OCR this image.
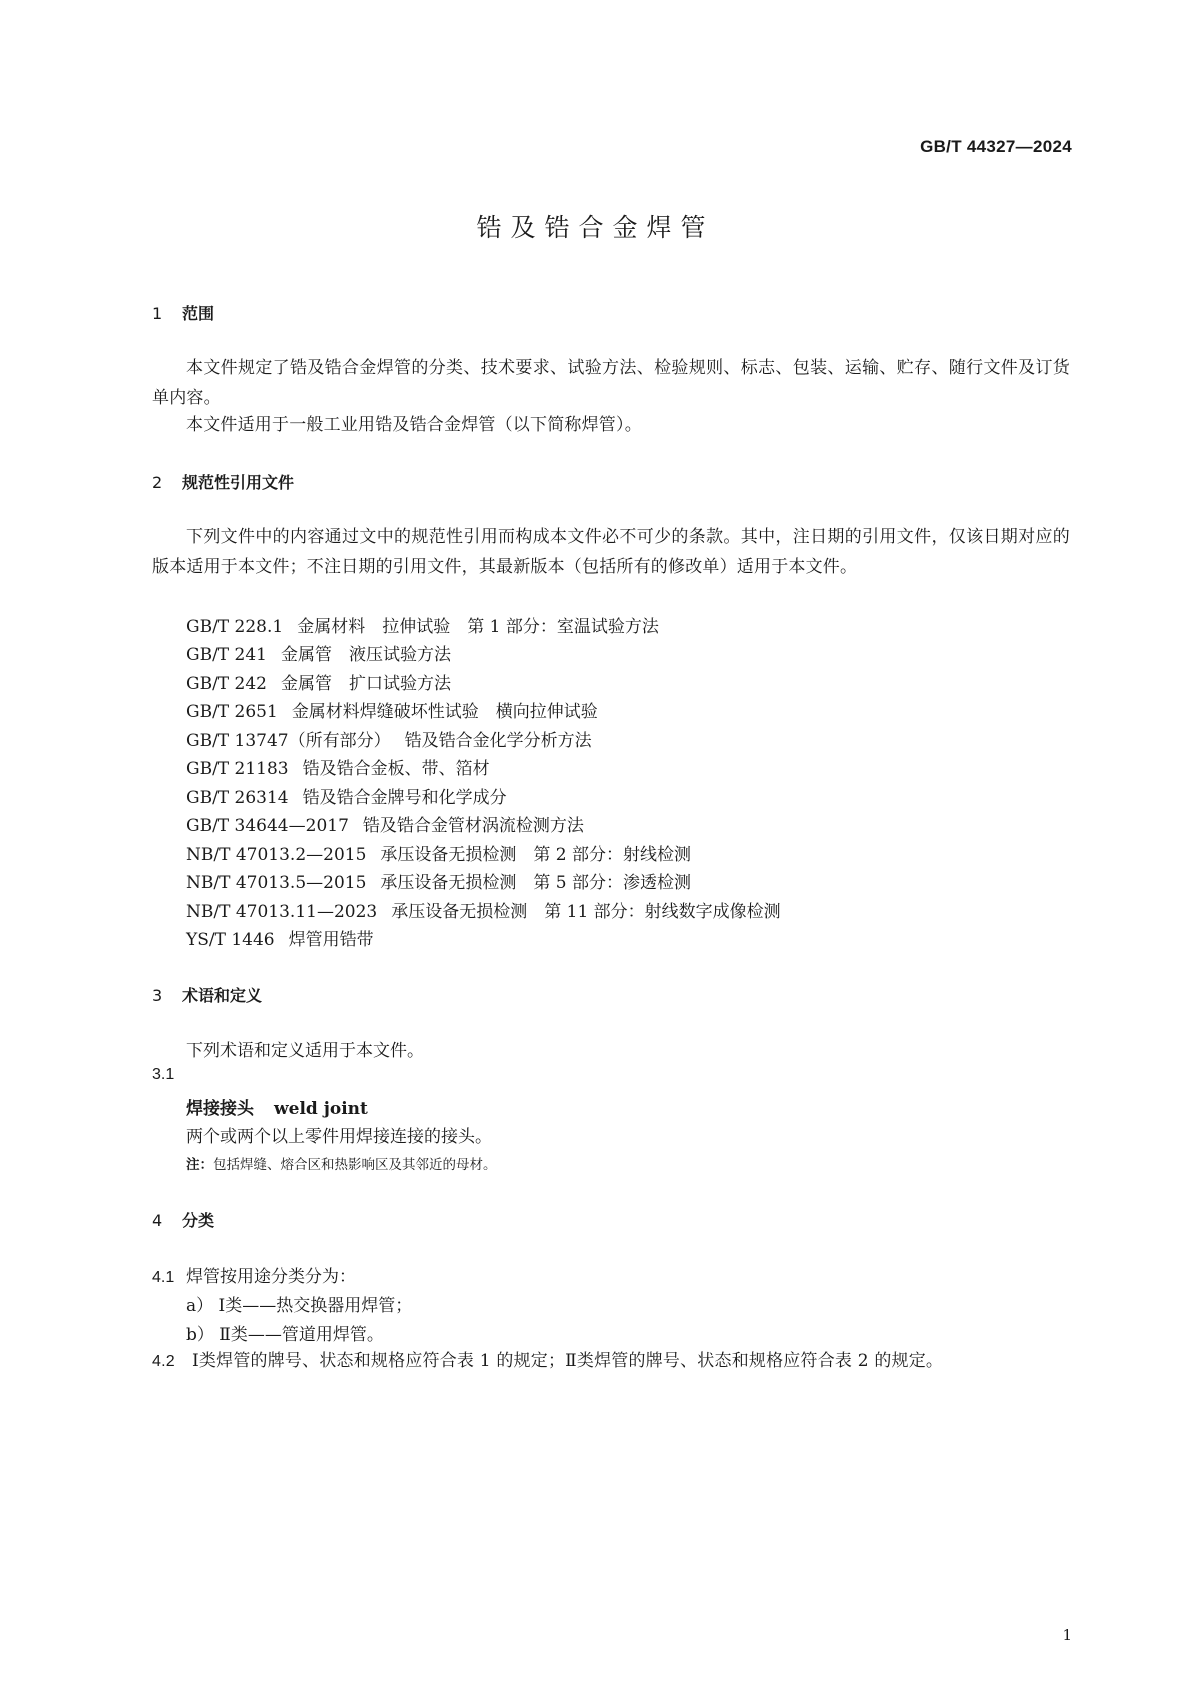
GB/T 44327—2024
锆及锆合金焊管
1 范围
本文件规定了锆及锆合金焊管的分类、技术要求、试验方法、检验规则、标志、包装、运输、贮存、随行文件及订货单内容。
本文件适用于一般工业用锆及锆合金焊管（以下简称焊管）。
2 规范性引用文件
下列文件中的内容通过文中的规范性引用而构成本文件必不可少的条款。其中，注日期的引用文件，仅该日期对应的版本适用于本文件；不注日期的引用文件，其最新版本（包括所有的修改单）适用于本文件。
GB/T 228.1 金属材料　拉伸试验　第 1 部分：室温试验方法
GB/T 241 金属管　液压试验方法
GB/T 242 金属管　扩口试验方法
GB/T 2651 金属材料焊缝破坏性试验　横向拉伸试验
GB/T 13747（所有部分） 锆及锆合金化学分析方法
GB/T 21183 锆及锆合金板、带、箔材
GB/T 26314 锆及锆合金牌号和化学成分
GB/T 34644—2017 锆及锆合金管材涡流检测方法
NB/T 47013.2—2015 承压设备无损检测　第 2 部分：射线检测
NB/T 47013.5—2015 承压设备无损检测　第 5 部分：渗透检测
NB/T 47013.11—2023 承压设备无损检测　第 11 部分：射线数字成像检测
YS/T 1446 焊管用锆带
3 术语和定义
下列术语和定义适用于本文件。
3.1
焊接接头 weld joint
两个或两个以上零件用焊接连接的接头。
注：包括焊缝、熔合区和热影响区及其邻近的母材。
4 分类
4.1 焊管按用途分类分为：
a） Ⅰ类——热交换器用焊管；
b） Ⅱ类——管道用焊管。
4.2 Ⅰ类焊管的牌号、状态和规格应符合表 1 的规定；Ⅱ类焊管的牌号、状态和规格应符合表 2 的规定。
1
